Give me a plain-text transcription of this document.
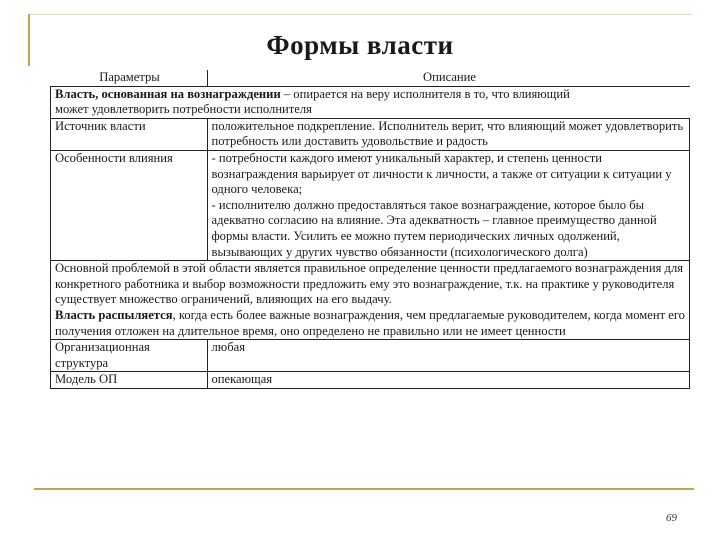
Формы власти
Параметры	Описание
Власть, основанная на вознаграждении – опирается на веру исполнителя в то, что влияющий
может удовлетворить потребности исполнителя	
Источник власти	положительное подкрепление. Исполнитель верит, что влияющий может удовлетворить потребность или доставить удовольствие и радость
Особенности влияния	- потребности каждого имеют уникальный характер, и степень ценности вознаграждения варьирует от личности к личности, а также от ситуации к ситуации у одного человека;
- исполнителю должно предоставляться такое вознаграждение, которое было бы адекватно согласию на влияние. Эта адекватность – главное преимущество данной формы власти. Усилить ее можно путем периодических личных одолжений, вызывающих у других чувство обязанности (психологического долга)

Основной проблемой в этой области является правильное определение ценности предлагаемого вознаграждения для конкретного работника и выбор возможности предложить ему это вознаграждение, т.к. на практике у руководителя существует множество ограничений, влияющих на его выдачу.
Власть распыляется, когда есть более важные вознаграждения, чем предлагаемые руководителем, когда момент его получения отложен на длительное время, оно определено не правильно или не имеет ценности	

Организационная структура	любая
Модель ОП	опекающая
69
